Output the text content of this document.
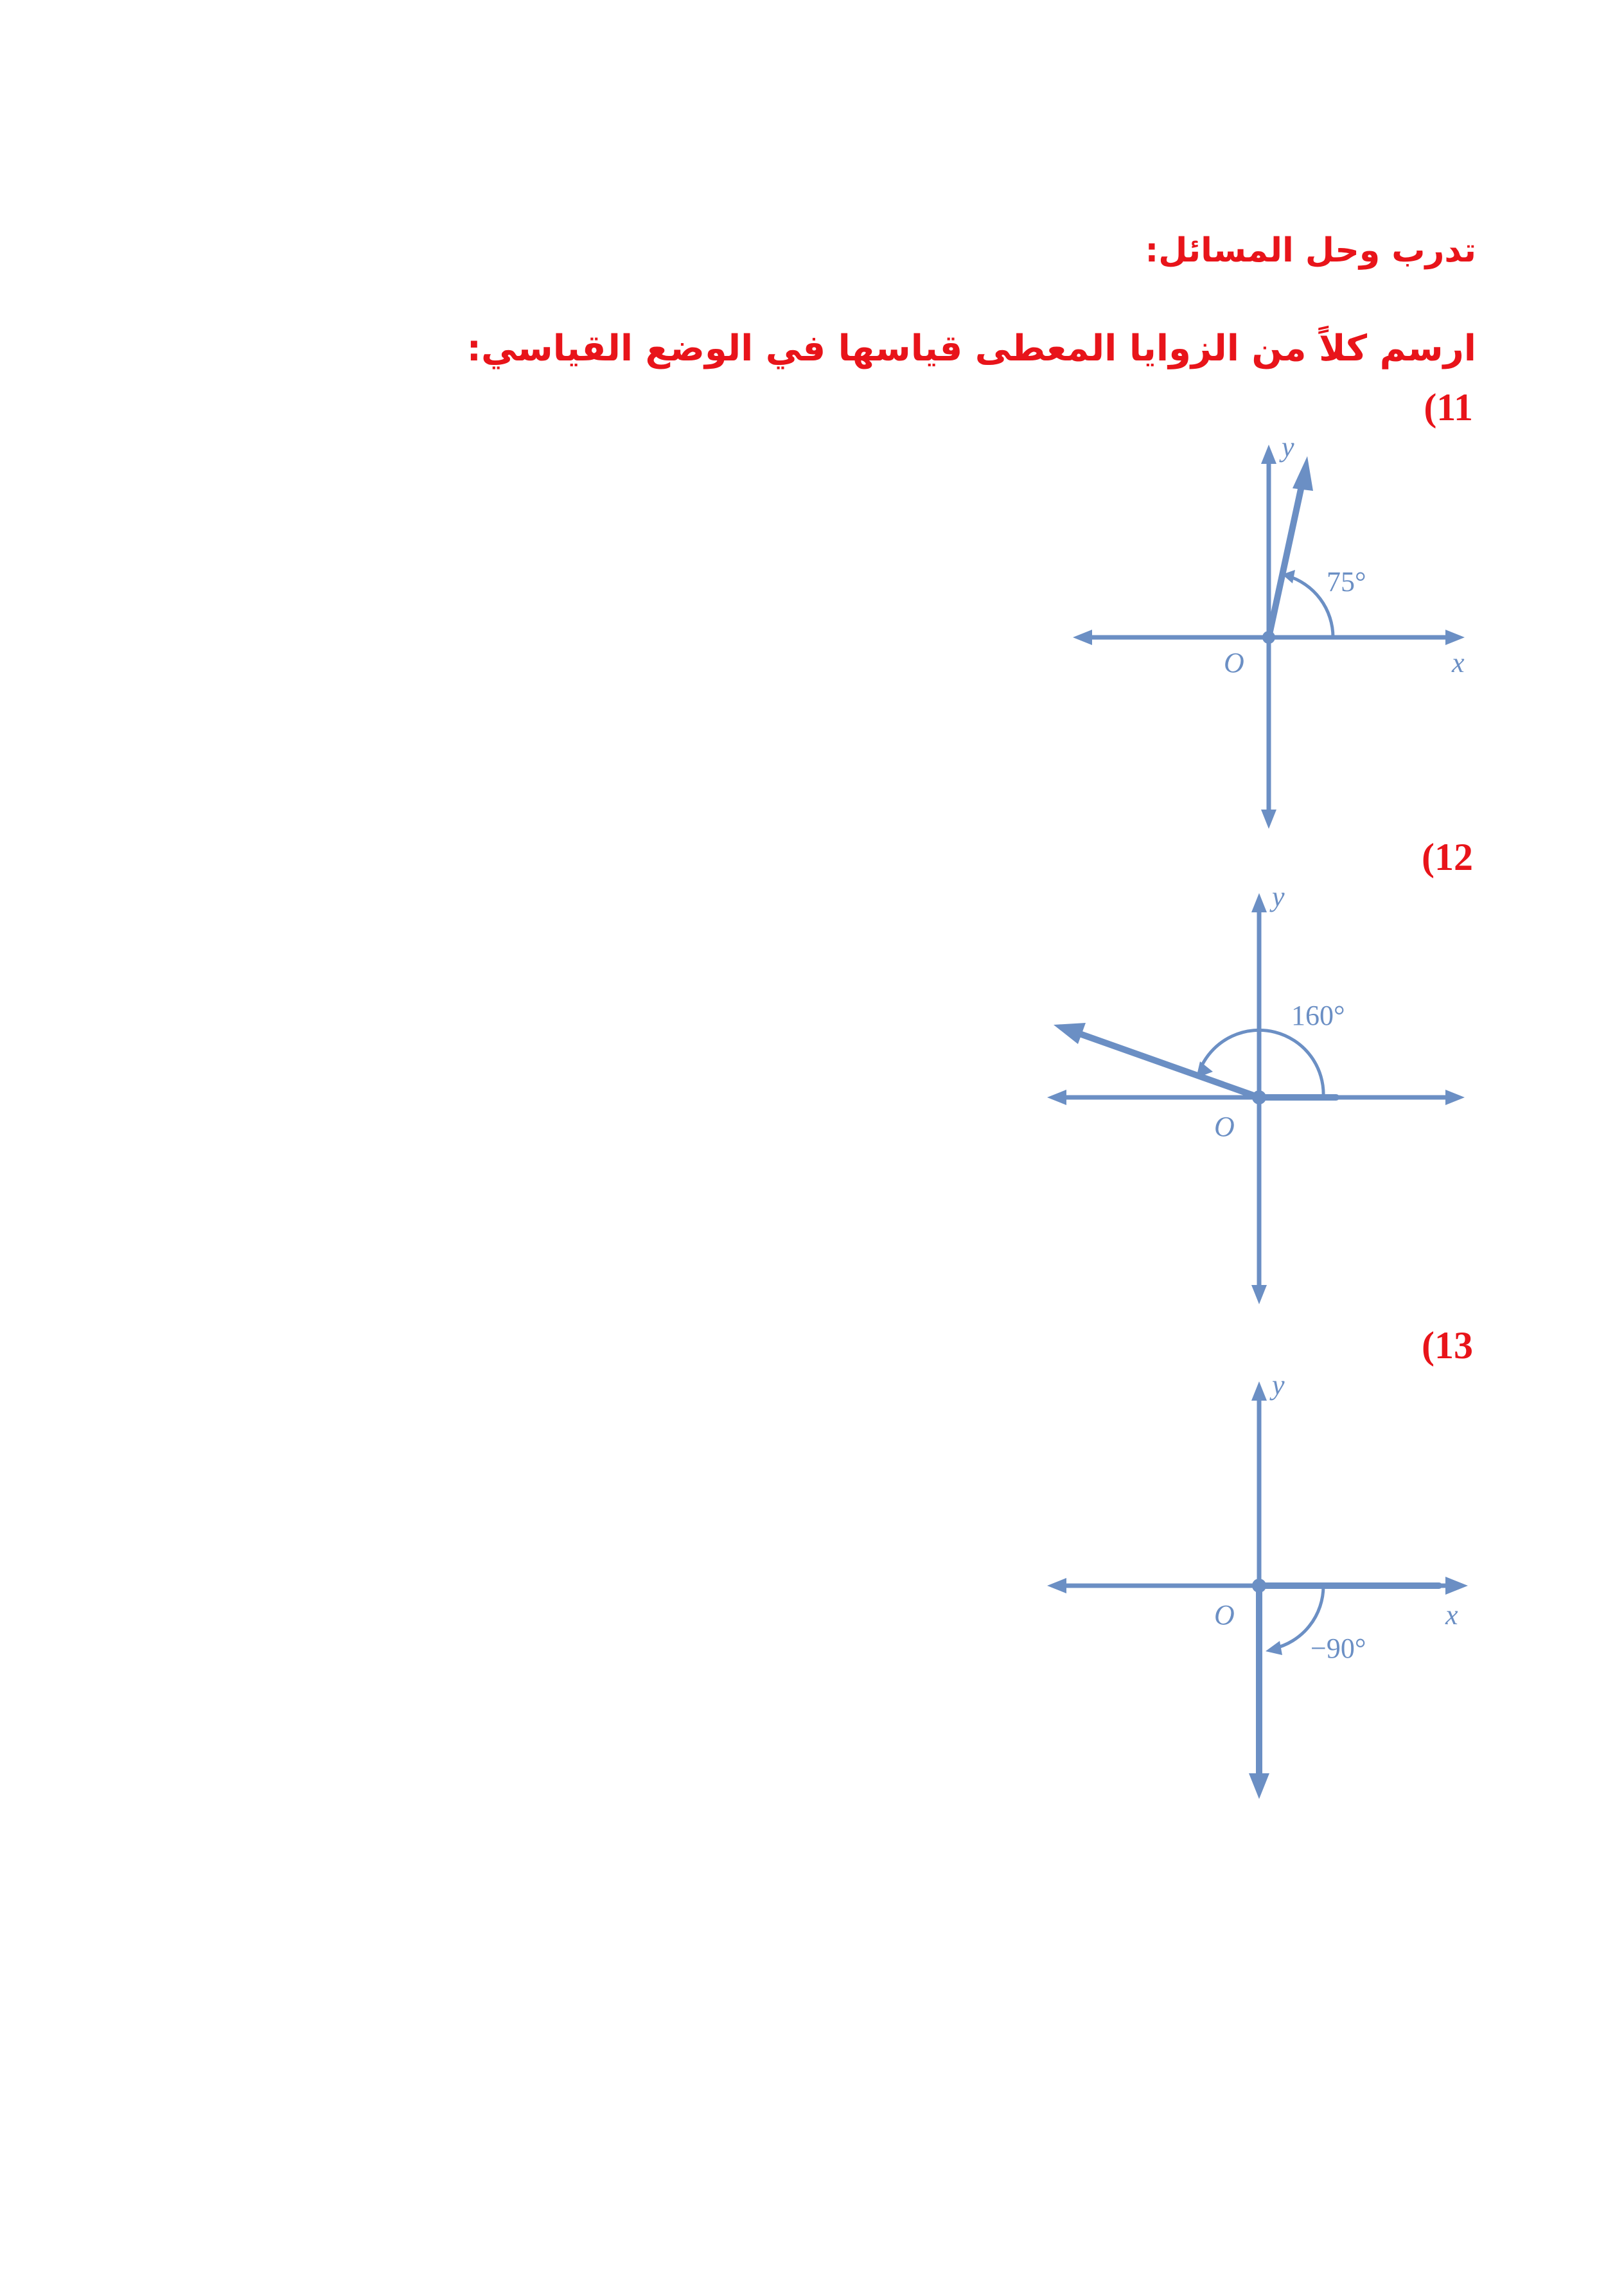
تدرب وحل المسائل:
ارسم كلاً من الزوايا المعطى قياسها في الوضع القياسي:
(11
O	x
y
75°
(12
O
y
160°
(13
O	x
y
−90°
